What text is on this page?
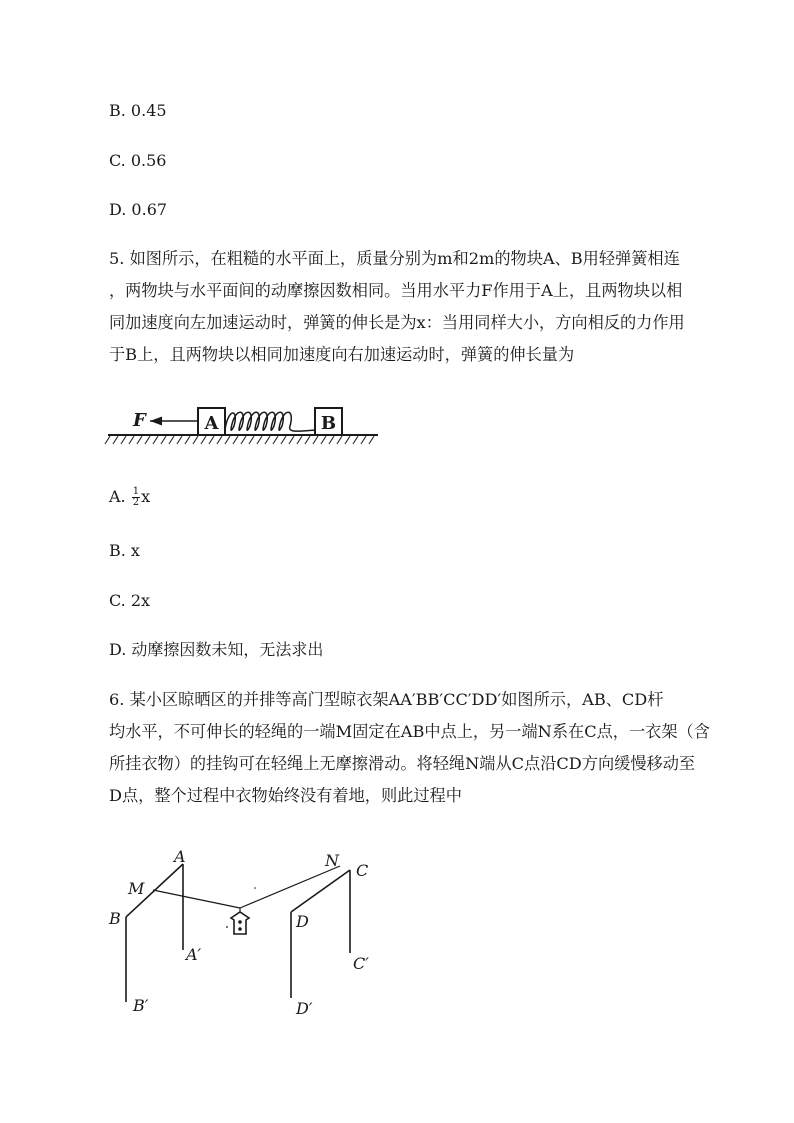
B. 0.45
C. 0.56
D. 0.67
5. 如图所示，在粗糙的水平面上，质量分别为m和2m的物块A、B用轻弹簧相连
，两物块与水平面间的动摩擦因数相同。当用水平力F作用于A上，且两物块以相
同加速度向左加速运动时，弹簧的伸长是为x：当用同样大小，方向相反的力作用
于B上，且两物块以相同加速度向右加速运动时，弹簧的伸长量为
F	A	B
A. $\frac{1}{2}$ x
B. x
C. 2x
D. 动摩擦因数未知，无法求出
6. 某小区晾晒区的并排等高门型晾衣架AA′BB′CC′DD′如图所示，AB、CD杆
均水平，不可伸长的轻绳的一端M固定在AB中点上，另一端N系在C点，一衣架（含
所挂衣物）的挂钩可在轻绳上无摩擦滑动。将轻绳N端从C点沿CD方向缓慢移动至
D点，整个过程中衣物始终没有着地，则此过程中
A
M
B
A′
B′
N
C
D
C′
D′
